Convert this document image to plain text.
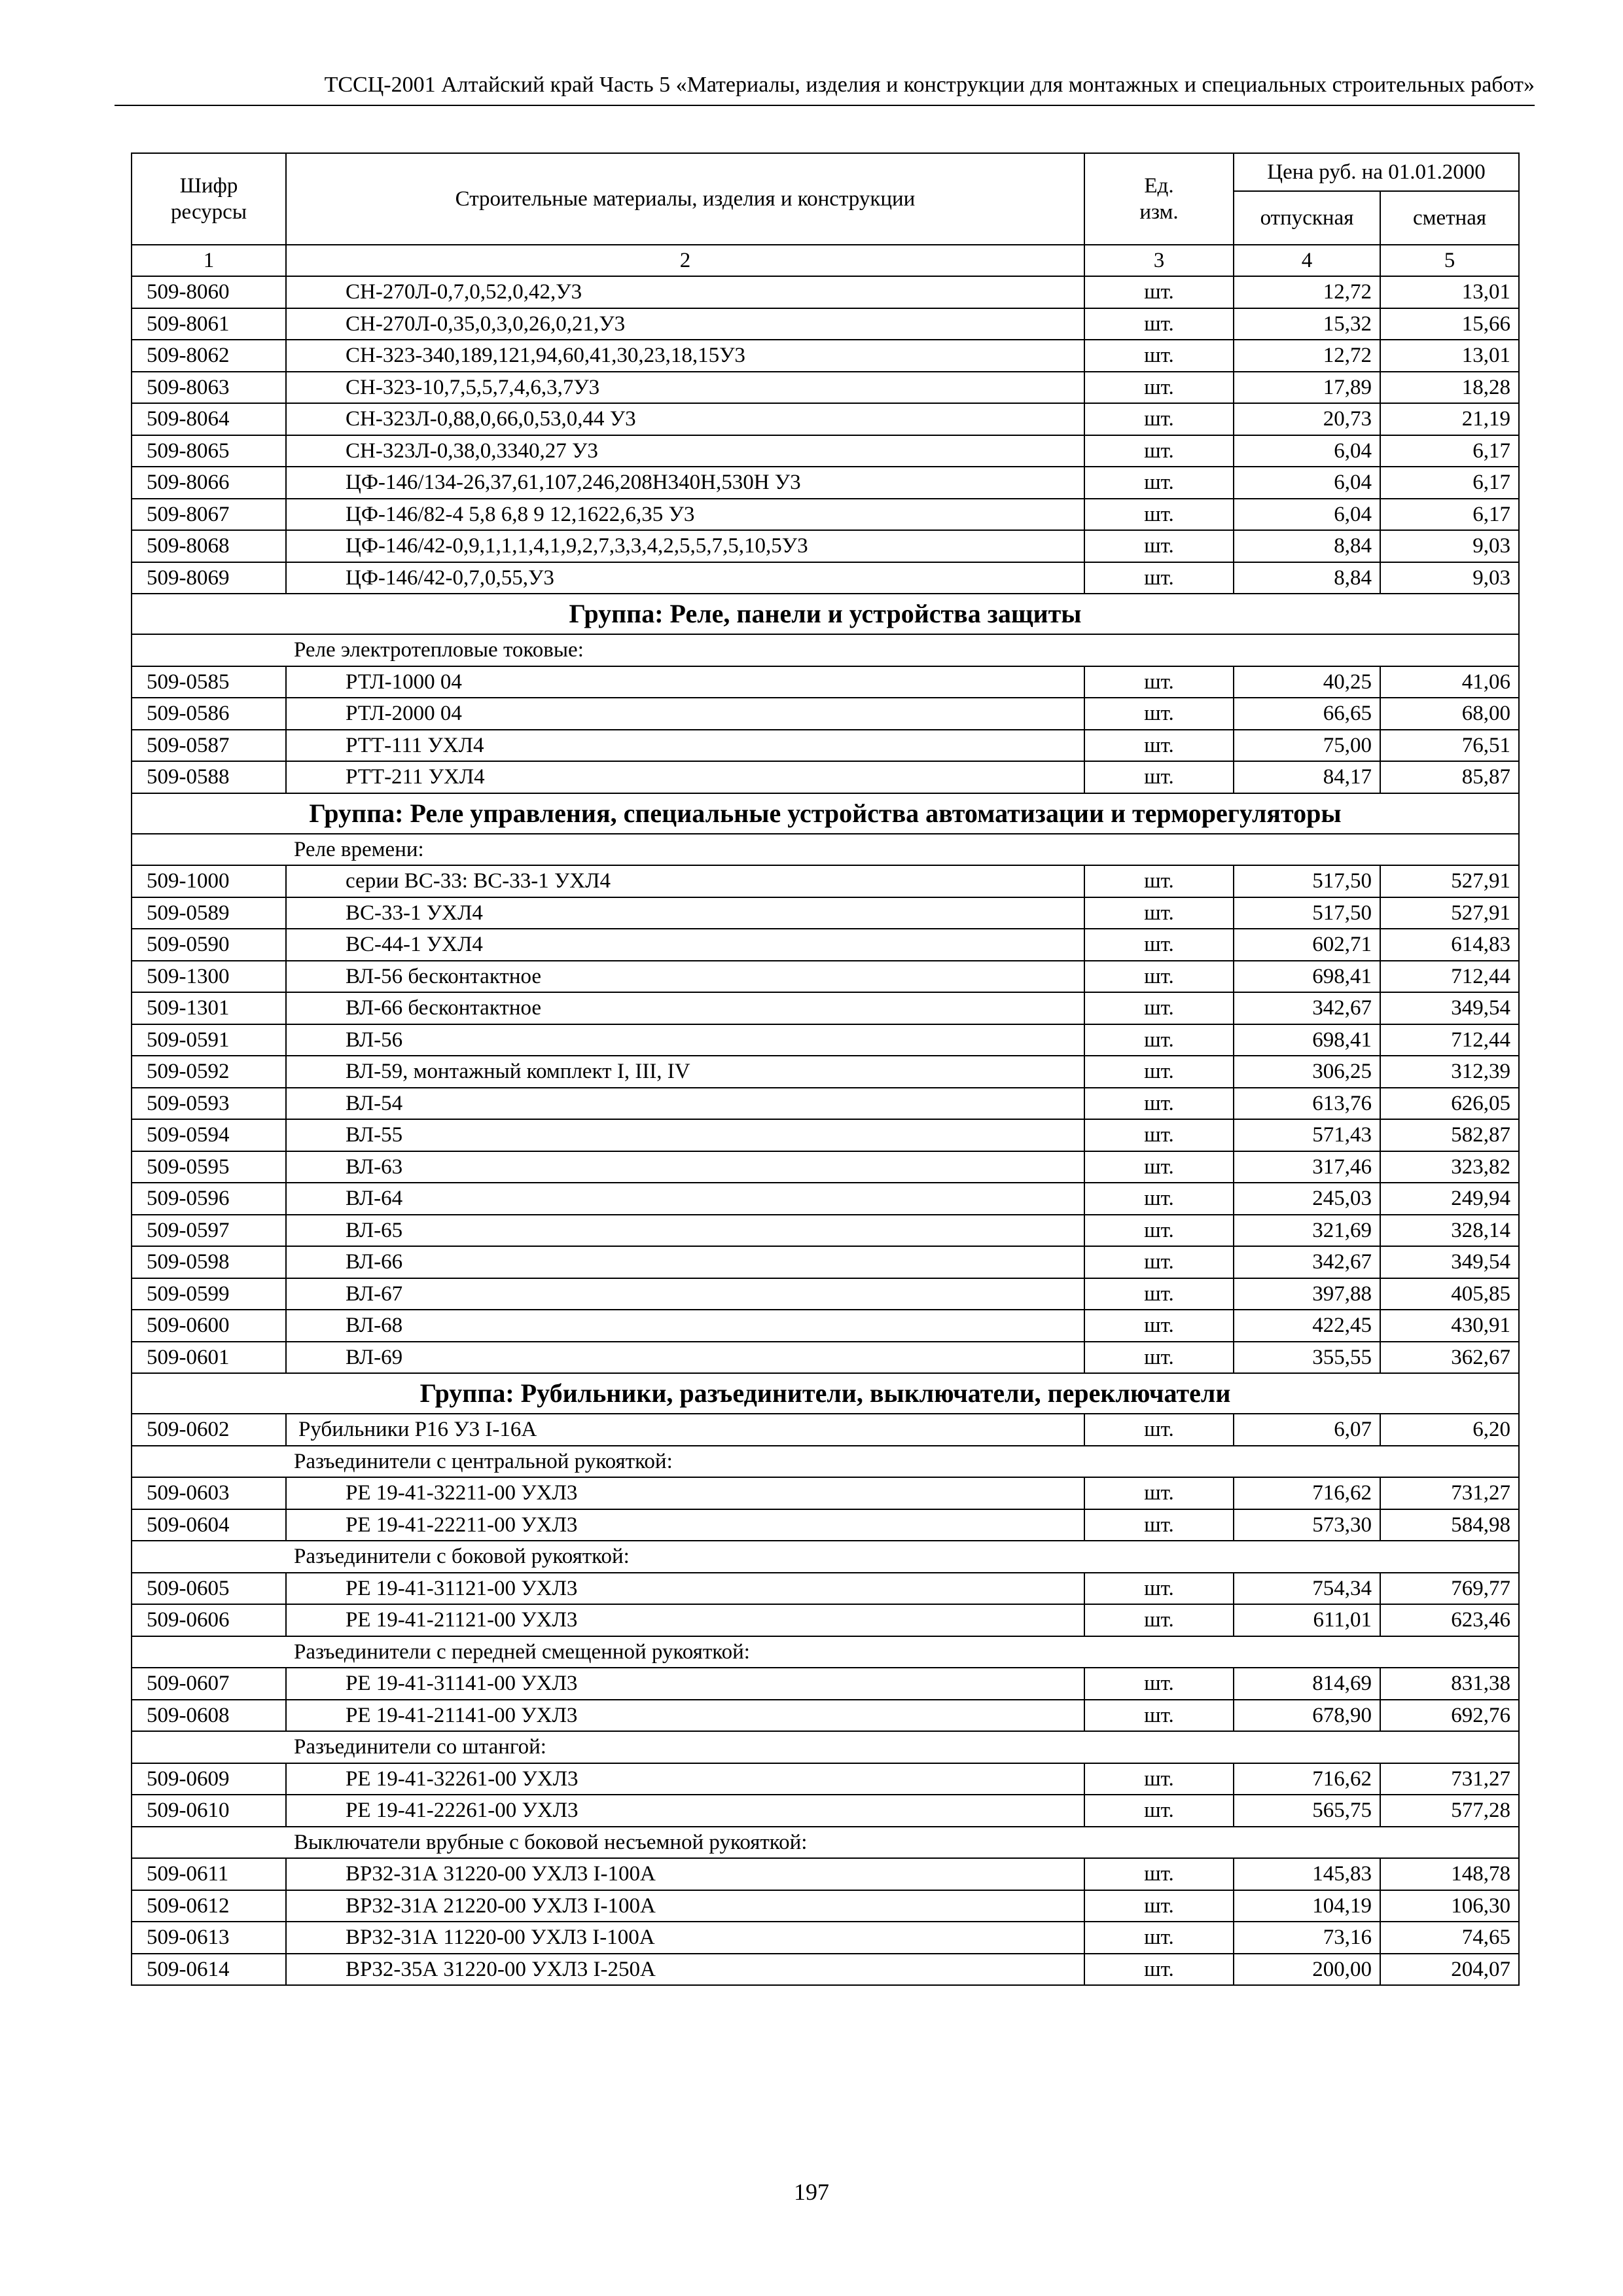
ТССЦ-2001 Алтайский край Часть 5 «Материалы, изделия и конструкции для монтажных и специальных строительных работ»
Шифр ресурсы	Строительные материалы, изделия и конструкции	Ед. изм.	Цена руб. на 01.01.2000	
			отпускная	сметная
1	2	3	4	5
509-8060	СН-270Л-0,7,0,52,0,42,У3	шт.	12,72	13,01
509-8061	СН-270Л-0,35,0,3,0,26,0,21,У3	шт.	15,32	15,66
509-8062	СН-323-340,189,121,94,60,41,30,23,18,15У3	шт.	12,72	13,01
509-8063	СН-323-10,7,5,5,7,4,6,3,7У3	шт.	17,89	18,28
509-8064	СН-323Л-0,88,0,66,0,53,0,44 У3	шт.	20,73	21,19
509-8065	СН-323Л-0,38,0,3340,27 У3	шт.	6,04	6,17
509-8066	ЦФ-146/134-26,37,61,107,246,208Н340Н,530Н У3	шт.	6,04	6,17
509-8067	ЦФ-146/82-4 5,8 6,8 9 12,1622,6,35 У3	шт.	6,04	6,17
509-8068	ЦФ-146/42-0,9,1,1,1,4,1,9,2,7,3,3,4,2,5,5,7,5,10,5У3	шт.	8,84	9,03
509-8069	ЦФ-146/42-0,7,0,55,У3	шт.	8,84	9,03
Группа: Реле, панели и устройства защиты				
Реле электротепловые токовые:				
509-0585	РТЛ-1000 04	шт.	40,25	41,06
509-0586	РТЛ-2000 04	шт.	66,65	68,00
509-0587	РТТ-111 УХЛ4	шт.	75,00	76,51
509-0588	РТТ-211 УХЛ4	шт.	84,17	85,87
Группа: Реле управления, специальные устройства автоматизации и терморегуляторы				
Реле времени:				
509-1000	серии ВС-33: ВС-33-1 УХЛ4	шт.	517,50	527,91
509-0589	ВС-33-1 УХЛ4	шт.	517,50	527,91
509-0590	ВС-44-1 УХЛ4	шт.	602,71	614,83
509-1300	ВЛ-56 бесконтактное	шт.	698,41	712,44
509-1301	ВЛ-66 бесконтактное	шт.	342,67	349,54
509-0591	ВЛ-56	шт.	698,41	712,44
509-0592	ВЛ-59, монтажный комплект I, III, IV	шт.	306,25	312,39
509-0593	ВЛ-54	шт.	613,76	626,05
509-0594	ВЛ-55	шт.	571,43	582,87
509-0595	ВЛ-63	шт.	317,46	323,82
509-0596	ВЛ-64	шт.	245,03	249,94
509-0597	ВЛ-65	шт.	321,69	328,14
509-0598	ВЛ-66	шт.	342,67	349,54
509-0599	ВЛ-67	шт.	397,88	405,85
509-0600	ВЛ-68	шт.	422,45	430,91
509-0601	ВЛ-69	шт.	355,55	362,67
Группа: Рубильники, разъединители, выключатели, переключатели				
509-0602	Рубильники Р16 У3 I-16А	шт.	6,07	6,20
Разъединители с центральной рукояткой:				
509-0603	РЕ 19-41-32211-00 УХЛ3	шт.	716,62	731,27
509-0604	РЕ 19-41-22211-00 УХЛ3	шт.	573,30	584,98
Разъединители с боковой рукояткой:				
509-0605	РЕ 19-41-31121-00 УХЛ3	шт.	754,34	769,77
509-0606	РЕ 19-41-21121-00 УХЛ3	шт.	611,01	623,46
Разъединители с передней смещенной рукояткой:				
509-0607	РЕ 19-41-31141-00 УХЛ3	шт.	814,69	831,38
509-0608	РЕ 19-41-21141-00 УХЛ3	шт.	678,90	692,76
Разъединители со штангой:				
509-0609	РЕ 19-41-32261-00 УХЛ3	шт.	716,62	731,27
509-0610	РЕ 19-41-22261-00 УХЛ3	шт.	565,75	577,28
Выключатели врубные с боковой несъемной рукояткой:				
509-0611	ВР32-31А 31220-00 УХЛ3 I-100А	шт.	145,83	148,78
509-0612	ВР32-31А 21220-00 УХЛ3 I-100А	шт.	104,19	106,30
509-0613	ВР32-31А 11220-00 УХЛ3 I-100А	шт.	73,16	74,65
509-0614	ВР32-35А 31220-00 УХЛ3 I-250А	шт.	200,00	204,07
197
